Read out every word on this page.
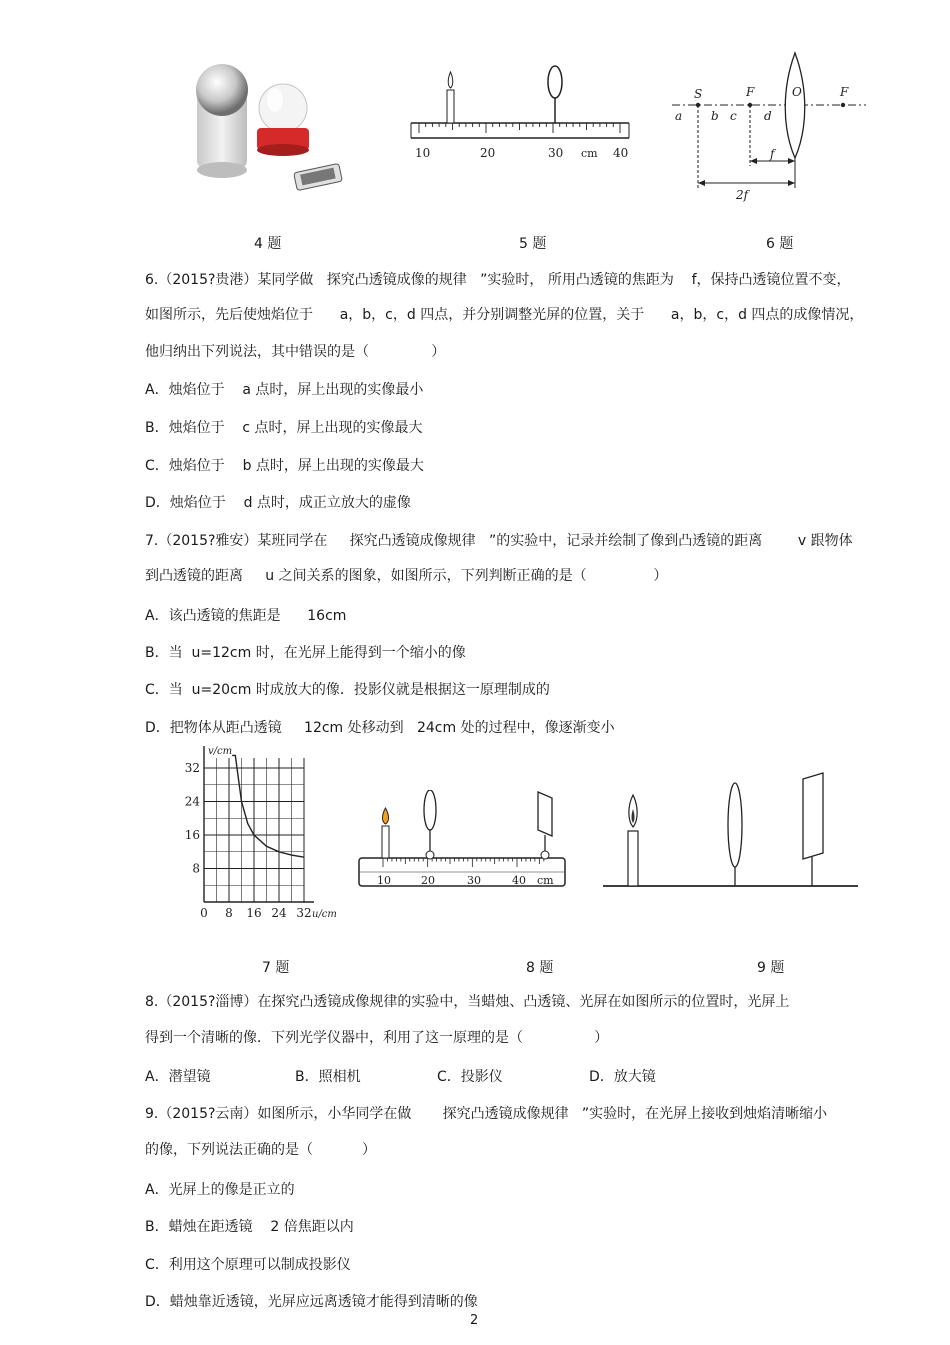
10	20	30 cm 40
S	F	O	F
a b c d
f
2f
4 题	5 题	6 题
6.（2015?贵港）某同学做   探究凸透镜成像的规律   ”实验时， 所用凸透镜的焦距为    f，保持凸透镜位置不变，
如图所示，先后使烛焰位于      a，b，c，d 四点，并分别调整光屏的位置，关于      a，b，c，d 四点的成像情况，
他归纳出下列说法，其中错误的是（              ）
A．烛焰位于    a 点时，屏上出现的实像最小
B．烛焰位于    c 点时，屏上出现的实像最大
C．烛焰位于    b 点时，屏上出现的实像最大
D．烛焰位于    d 点时，成正立放大的虚像
7.（2015?雅安）某班同学在     探究凸透镜成像规律   ”的实验中，记录并绘制了像到凸透镜的距离        v 跟物体
到凸透镜的距离     u 之间关系的图象，如图所示，下列判断正确的是（               ）
A．该凸透镜的焦距是      16cm
B．当  u=12cm 时，在光屏上能得到一个缩小的像
C．当  u=20cm 时成放大的像．投影仪就是根据这一原理制成的
D．把物体从距凸透镜     12cm 处移动到   24cm 处的过程中，像逐渐变小
8
16
24
32
0 8 16 24 32
v/cm
u/cm
10	20	30	40 cm
7 题	8 题	9 题
8.（2015?淄博）在探究凸透镜成像规律的实验中，当蜡烛、凸透镜、光屏在如图所示的位置时，光屏上
得到一个清晰的像．下列光学仪器中，利用了这一原理的是（                ）
A．潜望镜	B．照相机	C．投影仪	D．放大镜
9.（2015?云南）如图所示，小华同学在做       探究凸透镜成像规律   ”实验时，在光屏上接收到烛焰清晰缩小
的像，下列说法正确的是（           ）
A．光屏上的像是正立的
B．蜡烛在距透镜    2 倍焦距以内
C．利用这个原理可以制成投影仪
D．蜡烛靠近透镜，光屏应远离透镜才能得到清晰的像
2
